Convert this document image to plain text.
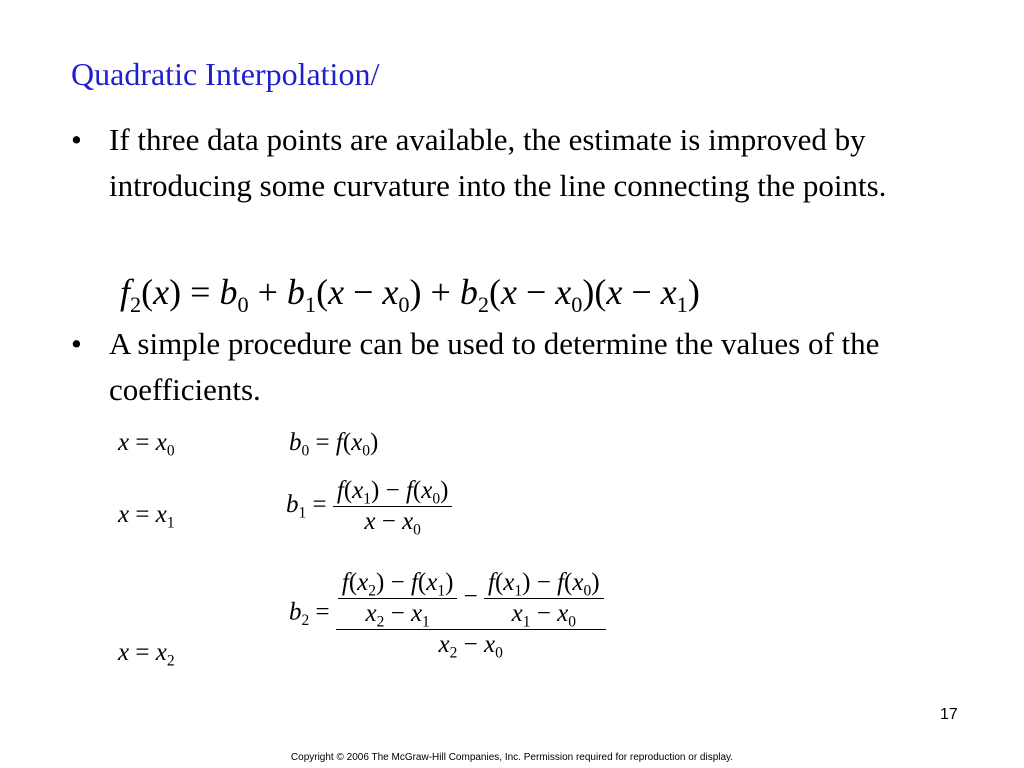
Quadratic Interpolation/
• If three data points are available, the estimate is improved by introducing some curvature into the line connecting the points.
$f_2(x) = b_0 + b_1(x - x_0) + b_2(x - x_0)(x - x_1)$
• A simple procedure can be used to determine the values of the coefficients.
$x = x_0$	$b_0 = f(x_0)$
$x = x_1$
$b_1 = \frac{f(x_1) - f(x_0)}{x - x_0}$
$x = x_2$
$b_2 = \frac{\frac{f(x_2) - f(x_1)}{x_2 - x_1} - \frac{f(x_1) - f(x_0)}{x_1 - x_0}}{x_2 - x_0}$
17
Copyright © 2006 The McGraw-Hill Companies, Inc. Permission required for reproduction or display.
